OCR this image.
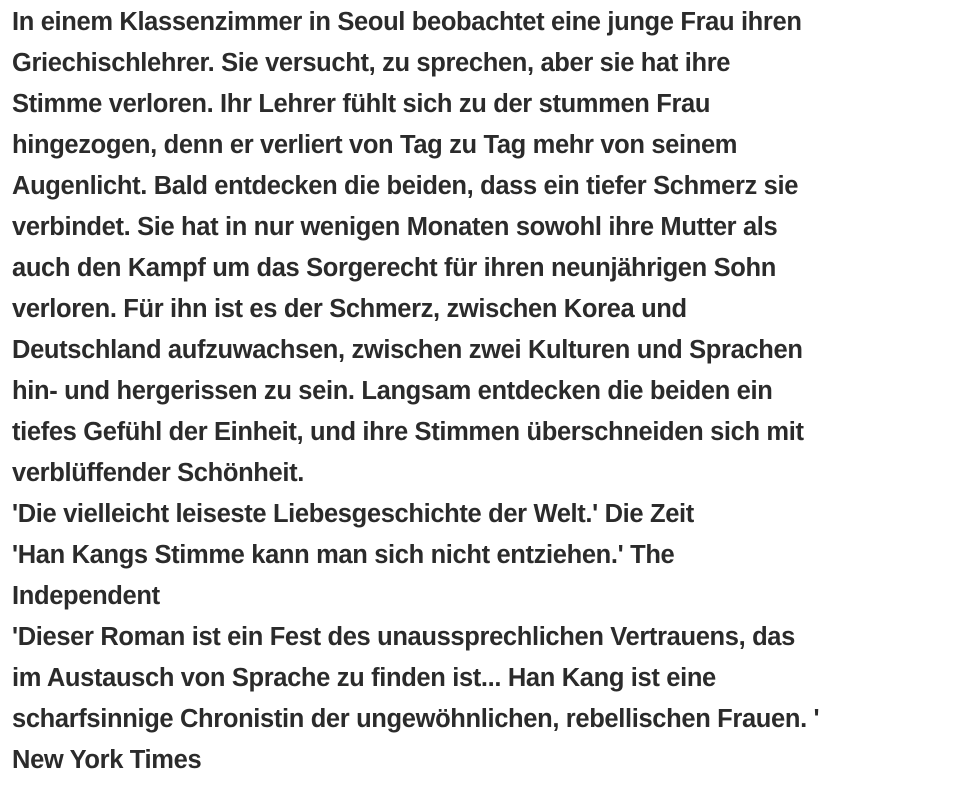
In einem Klassenzimmer in Seoul beobachtet eine junge Frau ihren
Griechischlehrer. Sie versucht, zu sprechen, aber sie hat ihre
Stimme verloren. Ihr Lehrer fühlt sich zu der stummen Frau
hingezogen, denn er verliert von Tag zu Tag mehr von seinem
Augenlicht. Bald entdecken die beiden, dass ein tiefer Schmerz sie
verbindet. Sie hat in nur wenigen Monaten sowohl ihre Mutter als
auch den Kampf um das Sorgerecht für ihren neunjährigen Sohn
verloren. Für ihn ist es der Schmerz, zwischen Korea und
Deutschland aufzuwachsen, zwischen zwei Kulturen und Sprachen
hin- und hergerissen zu sein. Langsam entdecken die beiden ein
tiefes Gefühl der Einheit, und ihre Stimmen überschneiden sich mit
verblüffender Schönheit.
'Die vielleicht leiseste Liebesgeschichte der Welt.' Die Zeit
'Han Kangs Stimme kann man sich nicht entziehen.' The
Independent
'Dieser Roman ist ein Fest des unaussprechlichen Vertrauens, das
im Austausch von Sprache zu finden ist... Han Kang ist eine
scharfsinnige Chronistin der ungewöhnlichen, rebellischen Frauen. '
New York Times
